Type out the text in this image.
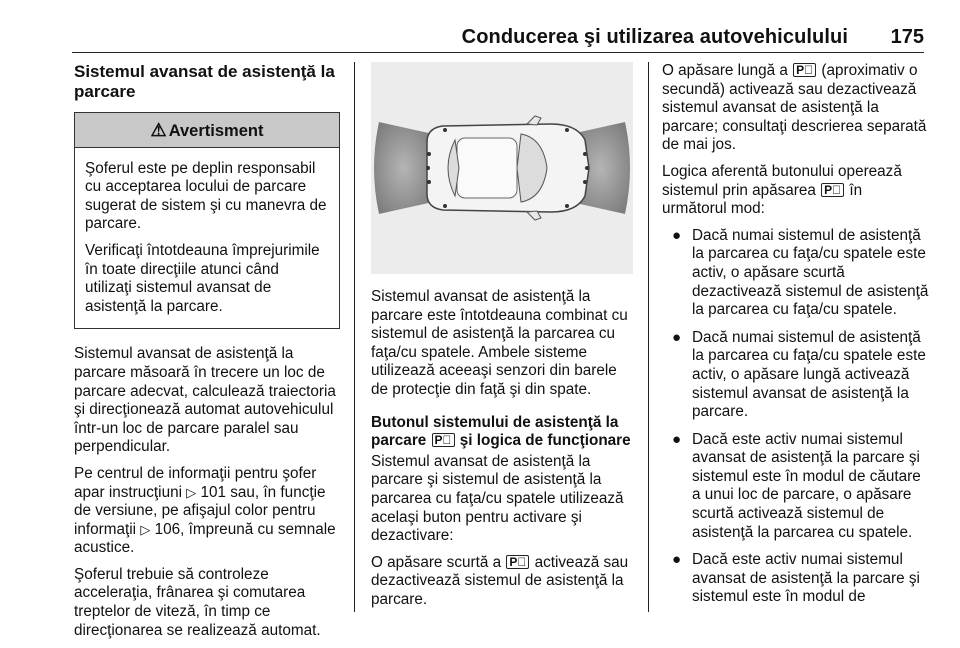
Conducerea şi utilizarea autovehiculului 175
Sistemul avansat de asistenţă la parcare
⚠ Avertisment

Şoferul este pe deplin responsabil cu acceptarea locului de parcare sugerat de sistem şi cu manevra de parcare.

Verificaţi întotdeauna împrejurimile în toate direcţiile atunci când utilizaţi sistemul avansat de asistenţă la parcare.

Sistemul avansat de asistenţă la parcare măsoară în trecere un loc de parcare adecvat, calculează traiectoria şi direcţionează automat autovehiculul într-un loc de parcare paralel sau perpendicular.

Pe centrul de informaţii pentru şofer apar instrucţiuni ▷ 101 sau, în funcţie de versiune, pe afişajul color pentru informaţii ▷ 106, împreună cu semnale acustice.

Şoferul trebuie să controleze acceleraţia, frânarea şi comutarea treptelor de viteză, în timp ce direcţionarea se realizează automat.

Sistemul avansat de asistenţă la parcare este întotdeauna combinat cu sistemul de asistenţă la parcarea cu faţa/cu spatele. Ambele sisteme utilizează aceeaşi senzori din barele de protecţie din faţă şi din spate.

Butonul sistemului de asistenţă la parcare P⃤ şi logica de funcţionare

Sistemul avansat de asistenţă la parcare şi sistemul de asistenţă la parcarea cu faţa/cu spatele utilizează acelaşi buton pentru activare şi dezactivare:

O apăsare scurtă a P⃤ activează sau dezactivează sistemul de asistenţă la parcare.

O apăsare lungă a P⃤ (aproximativ o secundă) activează sau dezactivează sistemul avansat de asistenţă la parcare; consultaţi descrierea separată de mai jos.

Logica aferentă butonului operează sistemul prin apăsarea P⃤ în următorul mod:

● Dacă numai sistemul de asistenţă la parcarea cu faţa/cu spatele este activ, o apăsare scurtă dezactivează sistemul de asistenţă la parcarea cu faţa/cu spatele.
● Dacă numai sistemul de asistenţă la parcarea cu faţa/cu spatele este activ, o apăsare lungă activează sistemul avansat de asistenţă la parcare.
● Dacă este activ numai sistemul avansat de asistenţă la parcare şi sistemul este în modul de căutare a unui loc de parcare, o apăsare scurtă activează sistemul de asistenţă la parcarea cu spatele.
● Dacă este activ numai sistemul avansat de asistenţă la parcare şi sistemul este în modul de
